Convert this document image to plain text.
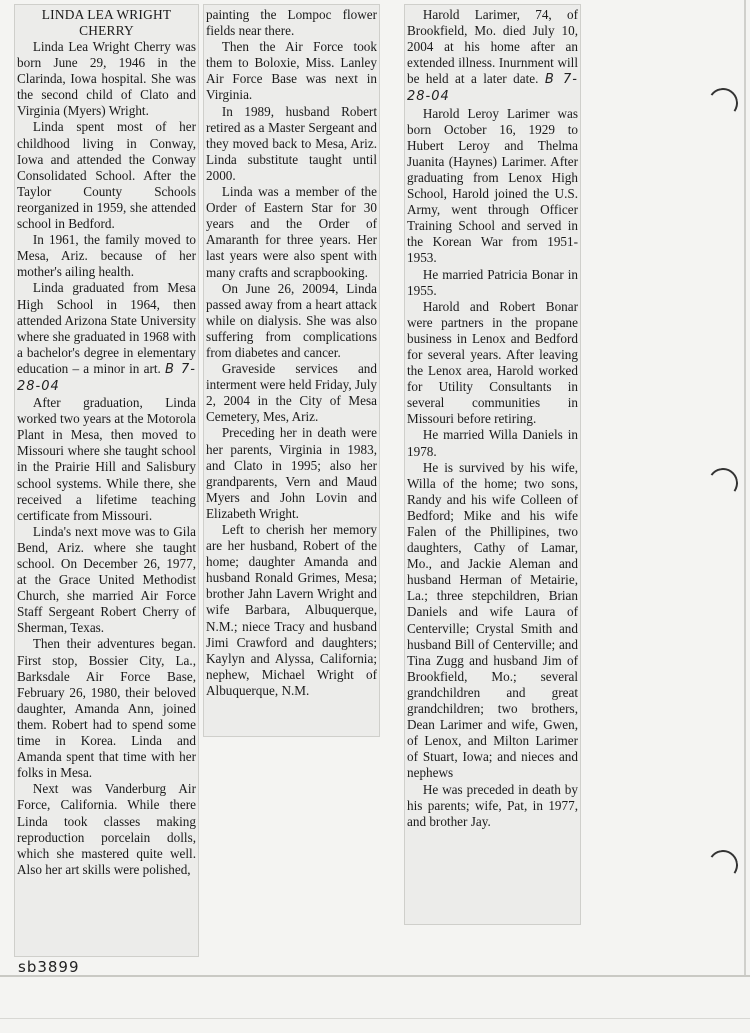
LINDA LEA WRIGHT CHERRY

Linda Lea Wright Cherry was born June 29, 1946 in the Clarinda, Iowa hospital. She was the second child of Clato and Virginia (Myers) Wright.

Linda spent most of her childhood living in Conway, Iowa and attended the Conway Consolidated School. After the Taylor County Schools reorganized in 1959, she attended school in Bedford.

In 1961, the family moved to Mesa, Ariz. because of her mother's ailing health.

Linda graduated from Mesa High School in 1964, then attended Arizona State University where she graduated in 1968 with a bachelor's degree in elementary education – a minor in art. B 7-28-04

After graduation, Linda worked two years at the Motorola Plant in Mesa, then moved to Missouri where she taught school in the Prairie Hill and Salisbury school systems. While there, she received a lifetime teaching certificate from Missouri.

Linda's next move was to Gila Bend, Ariz. where she taught school. On December 26, 1977, at the Grace United Methodist Church, she married Air Force Staff Sergeant Robert Cherry of Sherman, Texas.

Then their adventures began. First stop, Bossier City, La., Barksdale Air Force Base, February 26, 1980, their beloved daughter, Amanda Ann, joined them. Robert had to spend some time in Korea. Linda and Amanda spent that time with her folks in Mesa.

Next was Vanderburg Air Force, California. While there Linda took classes making reproduction porcelain dolls, which she mastered quite well. Also her art skills were polished,

painting the Lompoc flower fields near there.

Then the Air Force took them to Boloxie, Miss. Lanley Air Force Base was next in Virginia.

In 1989, husband Robert retired as a Master Sergeant and they moved back to Mesa, Ariz. Linda substitute taught until 2000.

Linda was a member of the Order of Eastern Star for 30 years and the Order of Amaranth for three years. Her last years were also spent with many crafts and scrapbooking.

On June 26, 20094, Linda passed away from a heart attack while on dialysis. She was also suffering from complications from diabetes and cancer.

Graveside services and interment were held Friday, July 2, 2004 in the City of Mesa Cemetery, Mes, Ariz.

Preceding her in death were her parents, Virginia in 1983, and Clato in 1995; also her grandparents, Vern and Maud Myers and John Lovin and Elizabeth Wright.

Left to cherish her memory are her husband, Robert of the home; daughter Amanda and husband Ronald Grimes, Mesa; brother Jahn Lavern Wright and wife Barbara, Albuquerque, N.M.; niece Tracy and husband Jimi Crawford and daughters; Kaylyn and Alyssa, California; nephew, Michael Wright of Albuquerque, N.M.

Harold Larimer, 74, of Brookfield, Mo. died July 10, 2004 at his home after an extended illness. Inurnment will be held at a later date. B 7-28-04

Harold Leroy Larimer was born October 16, 1929 to Hubert Leroy and Thelma Juanita (Haynes) Larimer. After graduating from Lenox High School, Harold joined the U.S. Army, went through Officer Training School and served in the Korean War from 1951-1953.

He married Patricia Bonar in 1955.

Harold and Robert Bonar were partners in the propane business in Lenox and Bedford for several years. After leaving the Lenox area, Harold worked for Utility Consultants in several communities in Missouri before retiring.

He married Willa Daniels in 1978.

He is survived by his wife, Willa of the home; two sons, Randy and his wife Colleen of Bedford; Mike and his wife Falen of the Phillipines, two daughters, Cathy of Lamar, Mo., and Jackie Aleman and husband Herman of Metairie, La.; three stepchildren, Brian Daniels and wife Laura of Centerville; Crystal Smith and husband Bill of Centerville; and Tina Zugg and husband Jim of Brookfield, Mo.; several grandchildren and great grandchildren; two brothers, Dean Larimer and wife, Gwen, of Lenox, and Milton Larimer of Stuart, Iowa; and nieces and nephews

He was preceded in death by his parents; wife, Pat, in 1977, and brother Jay.

sb3899
